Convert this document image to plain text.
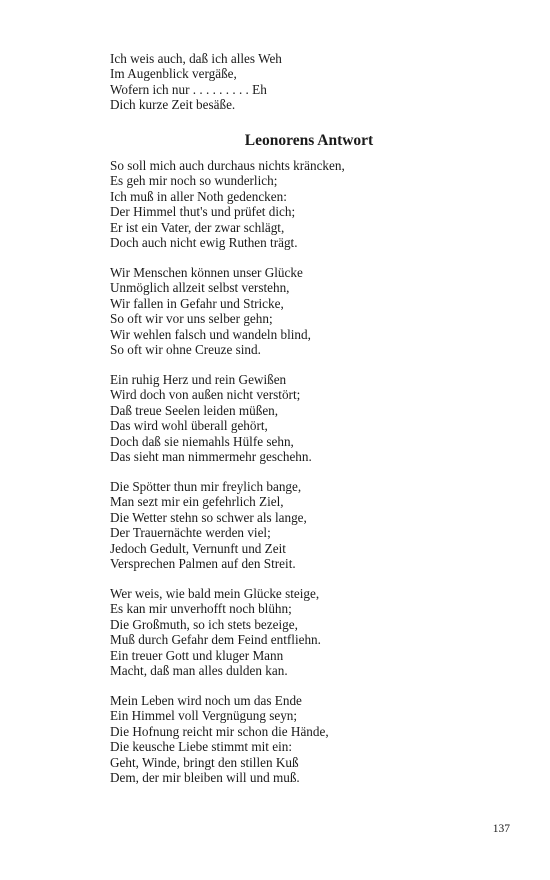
Ich weis auch, daß ich alles Weh
Im Augenblick vergäße,
Wofern ich nur . . . . . . . . . Eh
Dich kurze Zeit besäße.
Leonorens Antwort
So soll mich auch durchaus nichts kräncken,
Es geh mir noch so wunderlich;
Ich muß in aller Noth gedencken:
Der Himmel thut's und prüfet dich;
Er ist ein Vater, der zwar schlägt,
Doch auch nicht ewig Ruthen trägt.
Wir Menschen können unser Glücke
Unmöglich allzeit selbst verstehn,
Wir fallen in Gefahr und Stricke,
So oft wir vor uns selber gehn;
Wir wehlen falsch und wandeln blind,
So oft wir ohne Creuze sind.
Ein ruhig Herz und rein Gewißen
Wird doch von außen nicht verstört;
Daß treue Seelen leiden müßen,
Das wird wohl überall gehört,
Doch daß sie niemahls Hülfe sehn,
Das sieht man nimmermehr geschehn.
Die Spötter thun mir freylich bange,
Man sezt mir ein gefehrlich Ziel,
Die Wetter stehn so schwer als lange,
Der Trauernächte werden viel;
Jedoch Gedult, Vernunft und Zeit
Versprechen Palmen auf den Streit.
Wer weis, wie bald mein Glücke steige,
Es kan mir unverhofft noch blühn;
Die Großmuth, so ich stets bezeige,
Muß durch Gefahr dem Feind entfliehn.
Ein treuer Gott und kluger Mann
Macht, daß man alles dulden kan.
Mein Leben wird noch um das Ende
Ein Himmel voll Vergnügung seyn;
Die Hofnung reicht mir schon die Hände,
Die keusche Liebe stimmt mit ein:
Geht, Winde, bringt den stillen Kuß
Dem, der mir bleiben will und muß.
137
